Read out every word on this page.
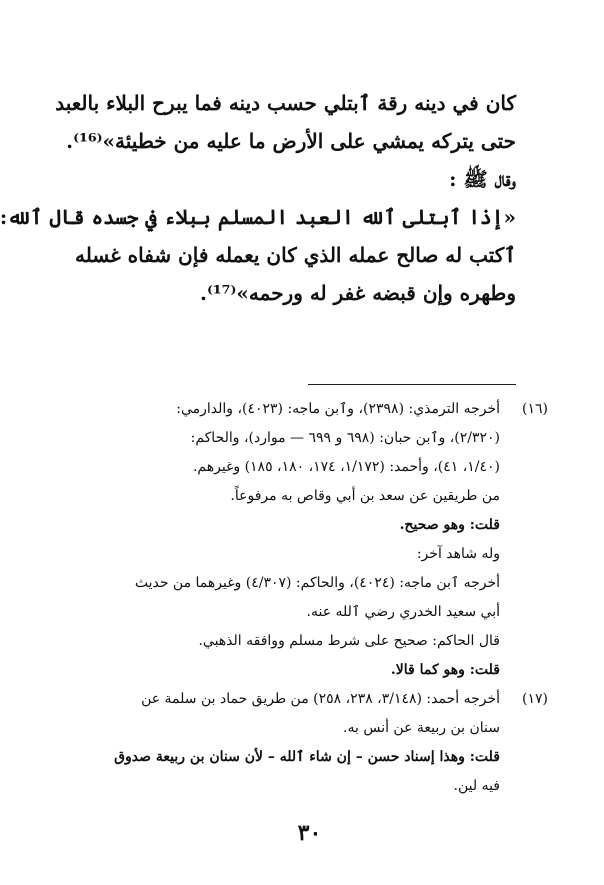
كان في دينه رقة ٱبتلي حسب دينه فما يبرح البلاء بالعبد
حتى يتركه يمشي على الأرض ما عليه من خطيئة»⁽¹⁶⁾.
وقال ﷺ :
«إذا ٱبتلى ٱلله العبد المسلم ببلاء في جسده قال ٱلله:
ٱكتب له صالح عمله الذي كان يعمله فإن شفاه غسله
وطهره وإن قبضه غفر له ورحمه»⁽¹⁷⁾.
(١٦)
أخرجه الترمذي: (٢٣٩٨)، وٱبن ماجه: (٤٠٢٣)، والدارمي:
(٢/٣٢٠)، وٱبن حبان: (٦٩٨ و ٦٩٩ — موارد)، والحاكم:
(١/٤٠، ٤١)، وأحمد: (١/١٧٢، ١٧٤، ١٨٠، ١٨٥) وغيرهم.
من طريقين عن سعد بن أبي وقاص به مرفوعاً.
قلت: وهو صحيح.
وله شاهد آخر:
أخرجه ٱبن ماجه: (٤٠٢٤)، والحاكم: (٤/٣٠٧) وغيرهما من حديث
أبي سعيد الخدري رضي ٱلله عنه.
قال الحاكم: صحيح على شرط مسلم ووافقه الذهبي.
قلت: وهو كما قالا.
(١٧)
أخرجه أحمد: (٣/١٤٨، ٢٣٨، ٢٥٨) من طريق حماد بن سلمة عن
سنان بن ربيعة عن أنس به.
قلت: وهذا إسناد حسن – إن شاء ٱلله – لأن سنان بن ربيعة صدوق
فيه لين.
٣٠
